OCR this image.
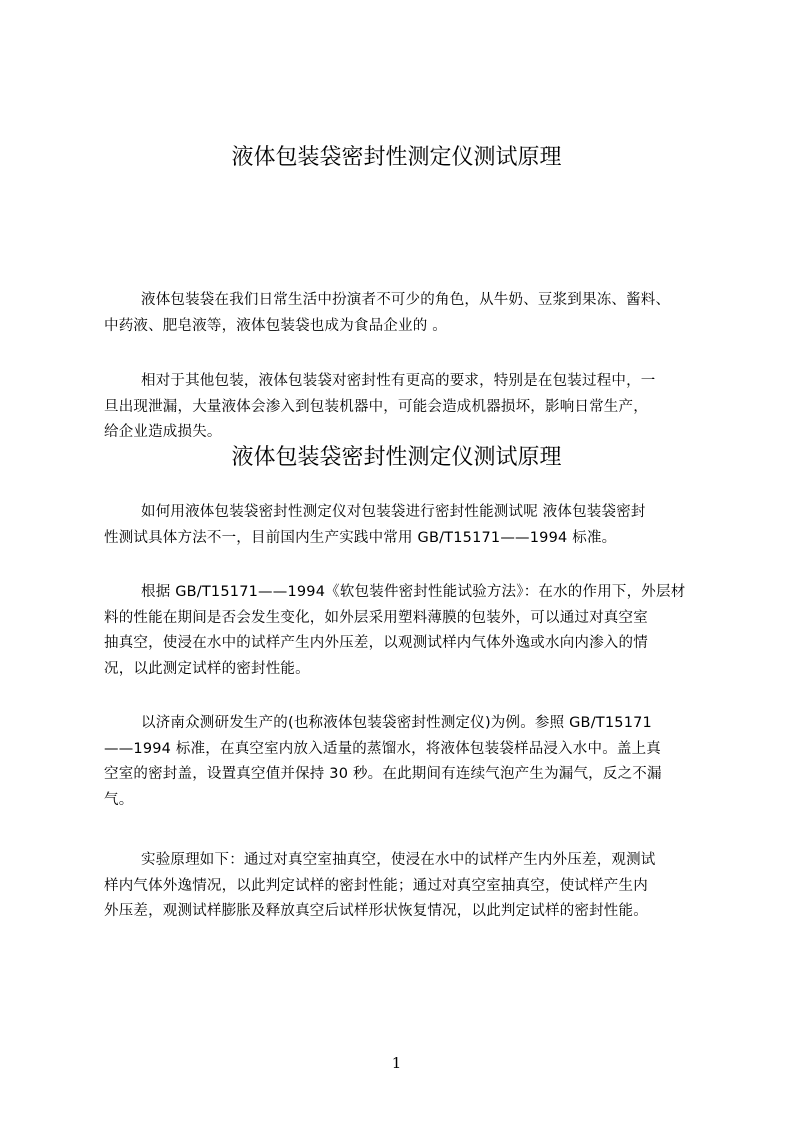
液体包装袋密封性测定仪测试原理
液体包装袋在我们日常生活中扮演者不可少的角色，从牛奶、豆浆到果冻、酱料、
中药液、肥皂液等，液体包装袋也成为食品企业的 。
相对于其他包装，液体包装袋对密封性有更高的要求，特别是在包装过程中，一
旦出现泄漏，大量液体会渗入到包装机器中，可能会造成机器损坏，影响日常生产，
给企业造成损失。
液体包装袋密封性测定仪测试原理
如何用液体包装袋密封性测定仪对包装袋进行密封性能测试呢 液体包装袋密封
性测试具体方法不一，目前国内生产实践中常用 GB/T15171——1994 标准。
根据 GB/T15171——1994《软包装件密封性能试验方法》：在水的作用下，外层材
料的性能在期间是否会发生变化，如外层采用塑料薄膜的包装外，可以通过对真空室
抽真空，使浸在水中的试样产生内外压差，以观测试样内气体外逸或水向内渗入的情
况，以此测定试样的密封性能。
以济南众测研发生产的(也称液体包装袋密封性测定仪)为例。参照 GB/T15171
——1994 标准，在真空室内放入适量的蒸馏水，将液体包装袋样品浸入水中。盖上真
空室的密封盖，设置真空值并保持 30 秒。在此期间有连续气泡产生为漏气，反之不漏
气。
实验原理如下：通过对真空室抽真空，使浸在水中的试样产生内外压差，观测试
样内气体外逸情况，以此判定试样的密封性能；通过对真空室抽真空，使试样产生内
外压差，观测试样膨胀及释放真空后试样形状恢复情况，以此判定试样的密封性能。
1
